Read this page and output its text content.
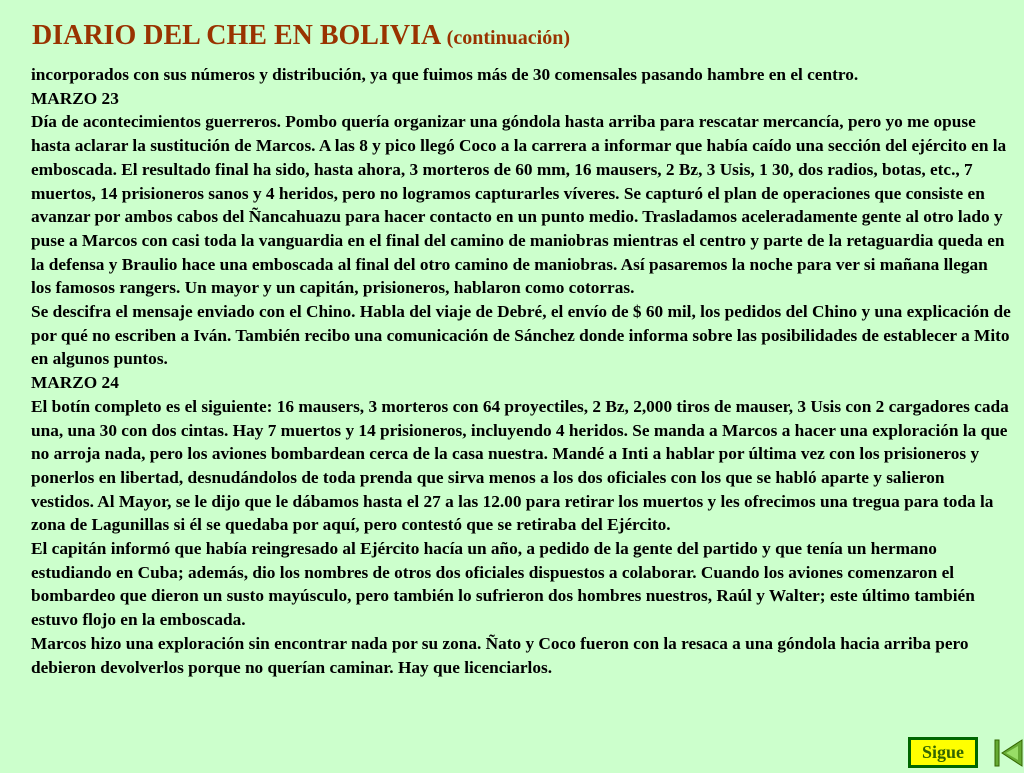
DIARIO DEL CHE EN BOLIVIA (continuación)

incorporados con sus números y distribución, ya que fuimos más de 30 comensales pasando hambre en el centro.

MARZO 23

Día de acontecimientos guerreros. Pombo quería organizar una góndola hasta arriba para rescatar mercancía, pero yo me opuse hasta aclarar la sustitución de Marcos. A las 8 y pico llegó Coco a la carrera a informar que había caído una sección del ejército en la emboscada. El resultado final ha sido, hasta ahora, 3 morteros de 60 mm, 16 mausers, 2 Bz, 3 Usis, 1 30, dos radios, botas, etc., 7 muertos, 14 prisioneros sanos y 4 heridos, pero no logramos capturarles víveres. Se capturó el plan de operaciones que consiste en avanzar por ambos cabos del Ñancahuazu para hacer contacto en un punto medio. Trasladamos aceleradamente gente al otro lado y puse a Marcos con casi toda la vanguardia en el final del camino de maniobras mientras el centro y parte de la retaguardia queda en la defensa y Braulio hace una emboscada al final del otro camino de maniobras. Así pasaremos la noche para ver si mañana llegan los famosos rangers. Un mayor y un capitán, prisioneros, hablaron como cotorras.

Se descifra el mensaje enviado con el Chino. Habla del viaje de Debré, el envío de $ 60 mil, los pedidos del Chino y una explicación de por qué no escriben a Iván. También recibo una comunicación de Sánchez donde informa sobre las posibilidades de establecer a Mito en algunos puntos.

MARZO 24

El botín completo es el siguiente: 16 mausers, 3 morteros con 64 proyectiles, 2 Bz, 2,000 tiros de mauser, 3 Usis con 2 cargadores cada una, una 30 con dos cintas. Hay 7 muertos y 14 prisioneros, incluyendo 4 heridos. Se manda a Marcos a hacer una exploración la que no arroja nada, pero los aviones bombardean cerca de la casa nuestra. Mandé a Inti a hablar por última vez con los prisioneros y ponerlos en libertad, desnudándolos de toda prenda que sirva menos a los dos oficiales con los que se habló aparte y salieron vestidos. Al Mayor, se le dijo que le dábamos hasta el 27 a las 12.00 para retirar los muertos y les ofrecimos una tregua para toda la zona de Lagunillas si él se quedaba por aquí, pero contestó que se retiraba del Ejército.

El capitán informó que había reingresado al Ejército hacía un año, a pedido de la gente del partido y que tenía un hermano estudiando en Cuba; además, dio los nombres de otros dos oficiales dispuestos a colaborar. Cuando los aviones comenzaron el bombardeo que dieron un susto mayúsculo, pero también lo sufrieron dos hombres nuestros, Raúl y Walter; este último también estuvo flojo en la emboscada.

Marcos hizo una exploración sin encontrar nada por su zona. Ñato y Coco fueron con la resaca a una góndola hacia arriba pero debieron devolverlos porque no querían caminar. Hay que licenciarlos.

Sigue
